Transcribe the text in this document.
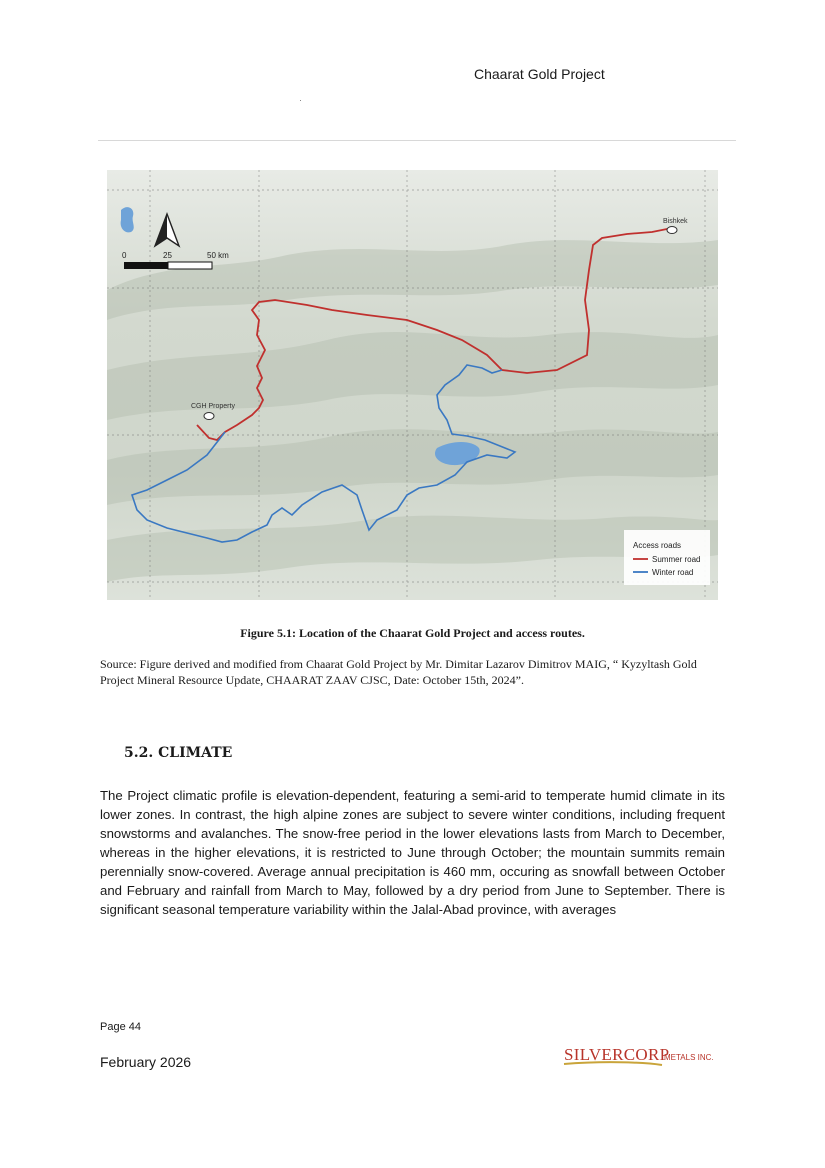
Chaarat Gold Project
Bishkek
CGH Property
0	25	50 km
Access roads
Summer road
Winter road
Figure 5.1: Location of the Chaarat Gold Project and access routes.
Source: Figure derived and modified from Chaarat Gold Project by Mr. Dimitar Lazarov Dimitrov MAIG, “ Kyzyltash Gold Project Mineral Resource Update, CHAARAT ZAAV CJSC, Date: October 15th, 2024”.
5.2. CLIMATE
The Project climatic profile is elevation-dependent, featuring a semi-arid to temperate humid climate in its lower zones. In contrast, the high alpine zones are subject to severe winter conditions, including frequent snowstorms and avalanches. The snow-free period in the lower elevations lasts from March to December, whereas in the higher elevations, it is restricted to June through October; the mountain summits remain perennially snow-covered. Average annual precipitation is 460 mm, occuring as snowfall between October and February and rainfall from March to May, followed by a dry period from June to September. There is significant seasonal temperature variability within the Jalal-Abad province, with averages
Page 44
February 2026	SILVERCORP
METALS INC.
